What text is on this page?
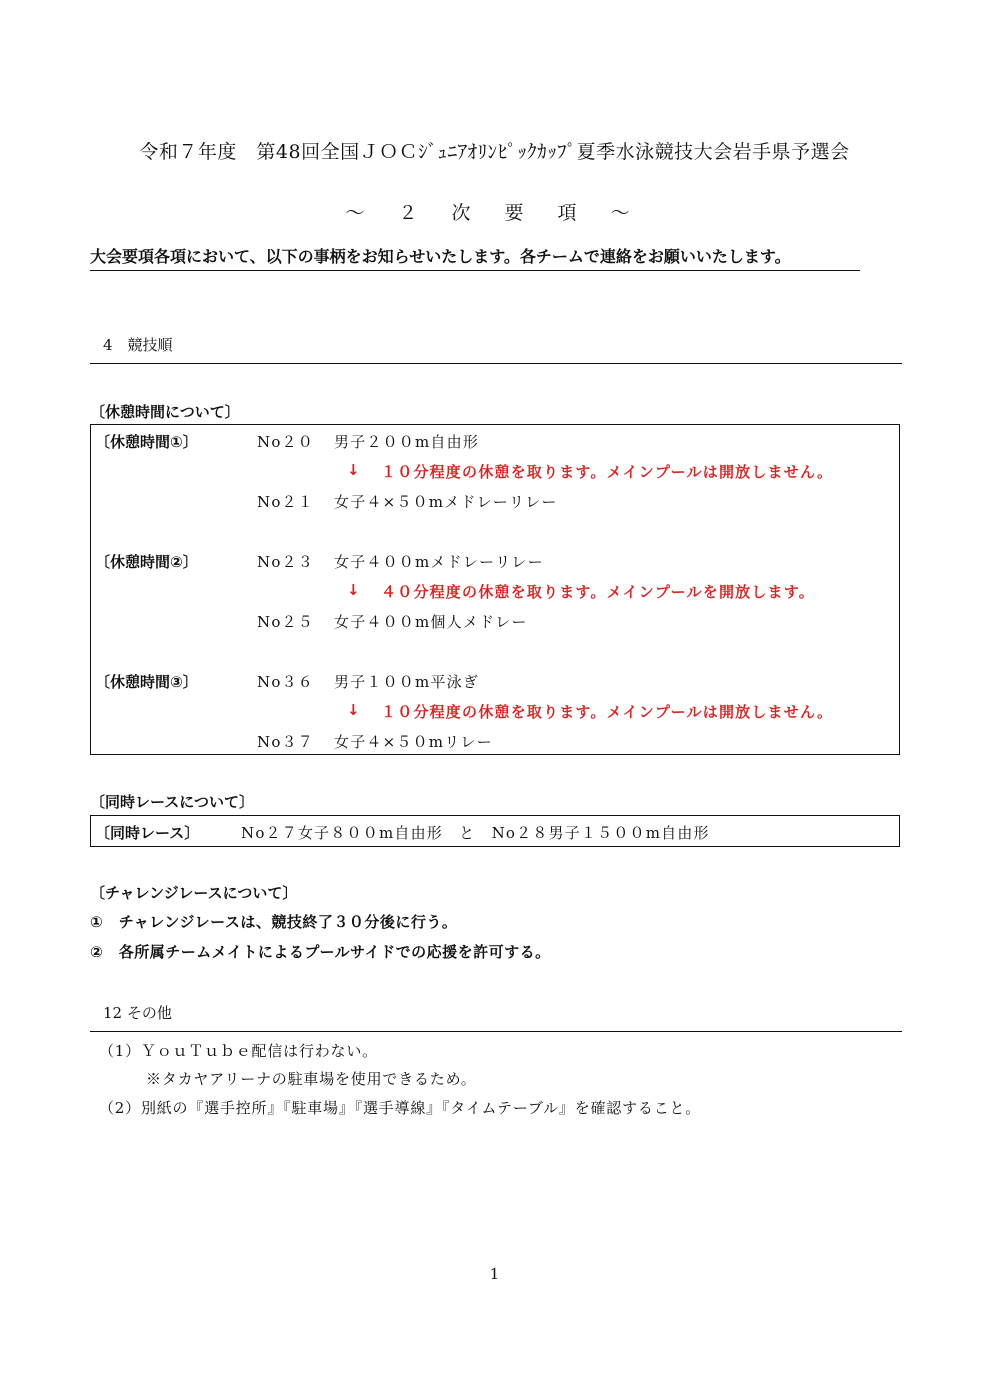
令和７年度　第48回全国ＪＯＣｼﾞｭﾆｱｵﾘﾝﾋﾟｯｸｶｯﾌﾟ夏季水泳競技大会岩手県予選会
～ ２ 次 要 項 ～
大会要項各項において、以下の事柄をお知らせいたします。各チームで連絡をお願いいたします。
4　競技順
〔休憩時間について〕
〔休憩時間①〕	No２０ 男子２００m自由形
↓ １０分程度の休憩を取ります。メインプールは開放しません。
No２１ 女子４×５０mメドレーリレー
〔休憩時間②〕	No２３ 女子４００mメドレーリレー
↓ ４０分程度の休憩を取ります。メインプールを開放します。
No２５ 女子４００m個人メドレー
〔休憩時間③〕	No３６ 男子１００m平泳ぎ
↓ １０分程度の休憩を取ります。メインプールは開放しません。
No３７ 女子４×５０mリレー
〔同時レースについて〕
〔同時レース〕	No２７女子８００m自由形　と　No２８男子１５００m自由形
〔チャレンジレースについて〕
①　チャレンジレースは、競技終了３０分後に行う。
②　各所属チームメイトによるプールサイドでの応援を許可する。
12 その他
（1）ＹｏｕＴｕｂｅ配信は行わない。
※タカヤアリーナの駐車場を使用できるため。
（2）別紙の『選手控所』『駐車場』『選手導線』『タイムテーブル』を確認すること。
1
